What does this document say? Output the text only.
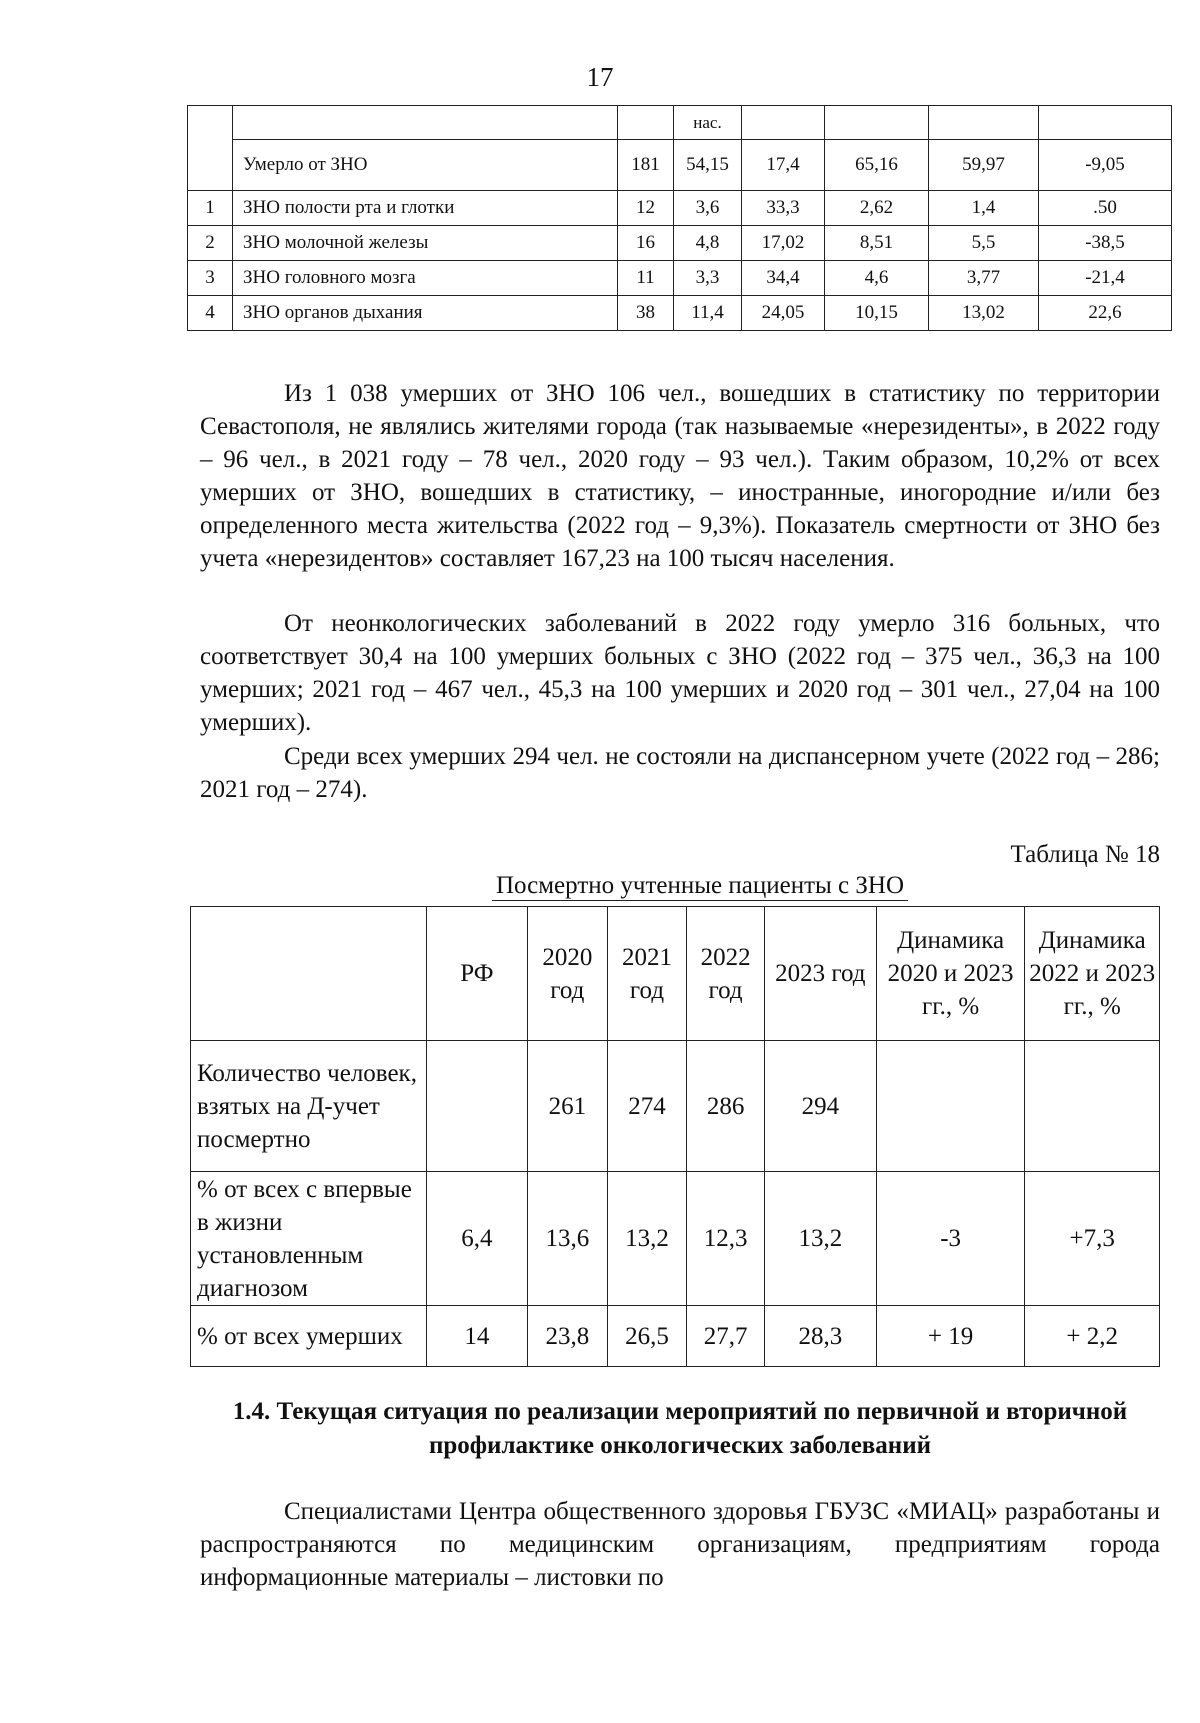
17
			нас.				
	Умерло от ЗНО	181	54,15	17,4	65,16	59,97	-9,05
1	ЗНО полости рта и глотки	12	3,6	33,3	2,62	1,4	.50
2	ЗНО молочной железы	16	4,8	17,02	8,51	5,5	-38,5
3	ЗНО головного мозга	11	3,3	34,4	4,6	3,77	-21,4
4	ЗНО органов дыхания	38	11,4	24,05	10,15	13,02	22,6
Из 1 038 умерших от ЗНО 106 чел., вошедших в статистику по территории Севастополя, не являлись жителями города (так называемые «нерезиденты», в 2022 году – 96 чел., в 2021 году – 78 чел., 2020 году – 93 чел.). Таким образом, 10,2% от всех умерших от ЗНО, вошедших в статистику, – иностранные, иногородние и/или без определенного места жительства (2022 год – 9,3%). Показатель смертности от ЗНО без учета «нерезидентов» составляет 167,23 на 100 тысяч населения.
От неонкологических заболеваний в 2022 году умерло 316 больных, что соответствует 30,4 на 100 умерших больных с ЗНО (2022 год – 375 чел., 36,3 на 100 умерших; 2021 год – 467 чел., 45,3 на 100 умерших и 2020 год – 301 чел., 27,04 на 100 умерших).
Среди всех умерших 294 чел. не состояли на диспансерном учете (2022 год – 286; 2021 год – 274).
Таблица № 18
Посмертно учтенные пациенты с ЗНО
	РФ	2020 год	2021 год	2022 год	2023 год	Динамика 2020 и 2023 гг., %	Динамика 2022 и 2023 гг., %
Количество человек, взятых на Д-учет посмертно		261	274	286	294		
% от всех с впервые в жизни установленным диагнозом	6,4	13,6	13,2	12,3	13,2	-3	+7,3
% от всех умерших	14	23,8	26,5	27,7	28,3	+ 19	+ 2,2
1.4. Текущая ситуация по реализации мероприятий по первичной и вторичной профилактике онкологических заболеваний
Специалистами Центра общественного здоровья ГБУЗС «МИАЦ» разработаны и распространяются по медицинским организациям, предприятиям города информационные материалы – листовки по
